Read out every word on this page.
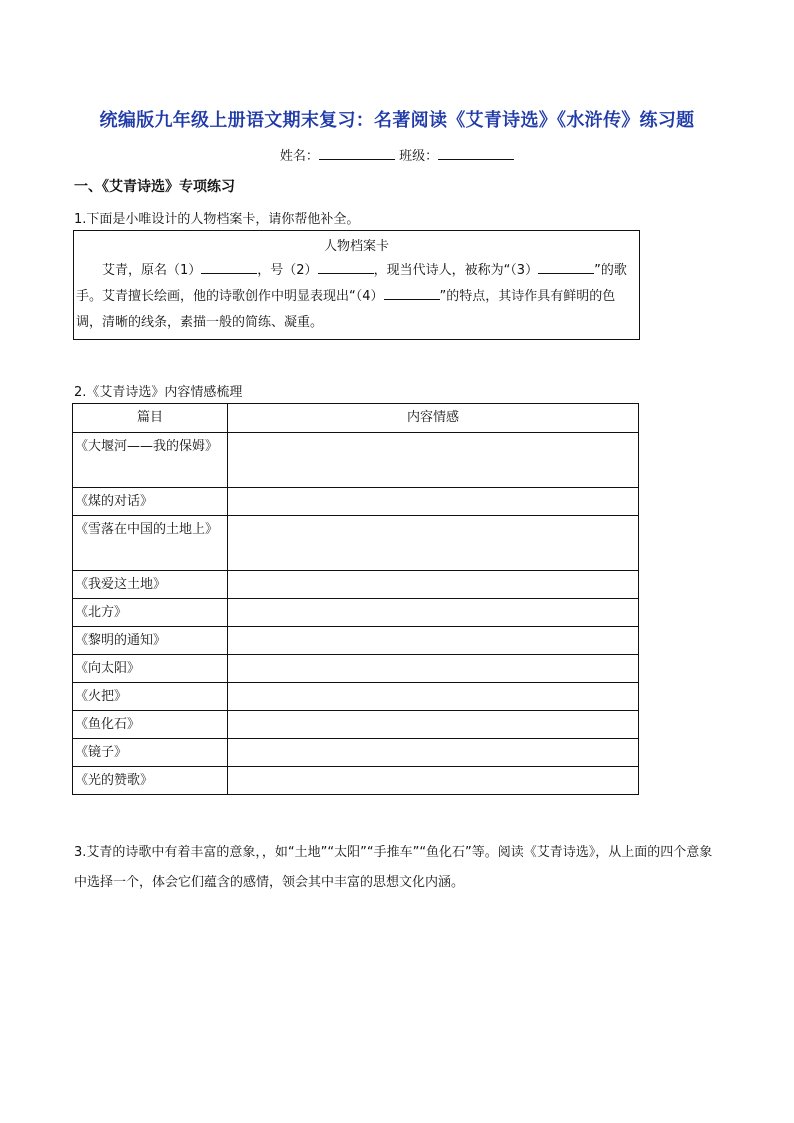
统编版九年级上册语文期末复习：名著阅读《艾青诗选》《水浒传》练习题
姓名：	班级：
一、《艾青诗选》专项练习
1.下面是小唯设计的人物档案卡，请你帮他补全。
人物档案卡
  艾青，原名（1）	，号（2）	，现当代诗人，被称为“（3）	”的歌手。艾青擅长绘画，他的诗歌创作中明显表现出“（4）	”的特点，其诗作具有鲜明的色调，清晰的线条，素描一般的简练、凝重。
2.《艾青诗选》内容情感梳理
篇目	内容情感
《大堰河——我的保姆》	
《煤的对话》	
《雪落在中国的土地上》	
《我爱这土地》	
《北方》	
《黎明的通知》	
《向太阳》	
《火把》	
《鱼化石》	
《镜子》	
《光的赞歌》	
3.艾青的诗歌中有着丰富的意象，，如“土地”“太阳”“手推车”“鱼化石”等。阅读《艾青诗选》，从上面的四个意象中选择一个，体会它们蕴含的感情，领会其中丰富的思想文化内涵。
